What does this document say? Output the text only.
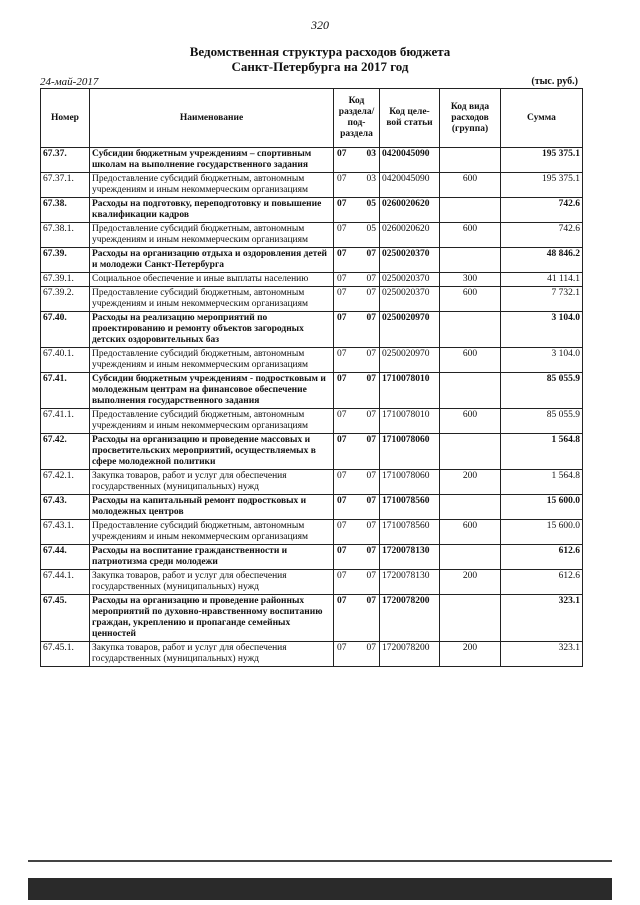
320
Ведомственная структура расходов бюджета
Санкт-Петербурга на 2017 год
24-май-2017	(тыс. руб.)
Номер	Наименование	Код раздела/ под-раздела	Код целе-вой статьи	Код вида расходов (группа)	Сумма
67.37.	Субсидии бюджетным учреждениям – спортивным школам на выполнение государственного задания	07 03	0420045090		195 375.1
67.37.1.	Предоставление субсидий бюджетным, автономным учреждениям и иным некоммерческим организациям	07 03	0420045090	600	195 375.1
67.38.	Расходы на подготовку, переподготовку и повышение квалификации кадров	07 05	0260020620		742.6
67.38.1.	Предоставление субсидий бюджетным, автономным учреждениям и иным некоммерческим организациям	07 05	0260020620	600	742.6
67.39.	Расходы на организацию отдыха и оздоровления детей и молодежи Санкт-Петербурга	07 07	0250020370		48 846.2
67.39.1.	Социальное обеспечение и иные выплаты населению	07 07	0250020370	300	41 114.1
67.39.2.	Предоставление субсидий бюджетным, автономным учреждениям и иным некоммерческим организациям	07 07	0250020370	600	7 732.1
67.40.	Расходы на реализацию мероприятий по проектированию и ремонту объектов загородных детских оздоровительных баз	07 07	0250020970		3 104.0
67.40.1.	Предоставление субсидий бюджетным, автономным учреждениям и иным некоммерческим организациям	07 07	0250020970	600	3 104.0
67.41.	Субсидии бюджетным учреждениям - подростковым и молодежным центрам на финансовое обеспечение выполнения государственного задания	07 07	1710078010		85 055.9
67.41.1.	Предоставление субсидий бюджетным, автономным учреждениям и иным некоммерческим организациям	07 07	1710078010	600	85 055.9
67.42.	Расходы на организацию и проведение массовых и просветительских мероприятий, осуществляемых в сфере молодежной политики	07 07	1710078060		1 564.8
67.42.1.	Закупка товаров, работ и услуг для обеспечения государственных (муниципальных) нужд	07 07	1710078060	200	1 564.8
67.43.	Расходы на капитальный ремонт подростковых и молодежных центров	07 07	1710078560		15 600.0
67.43.1.	Предоставление субсидий бюджетным, автономным учреждениям и иным некоммерческим организациям	07 07	1710078560	600	15 600.0
67.44.	Расходы на воспитание гражданственности и патриотизма среди молодежи	07 07	1720078130		612.6
67.44.1.	Закупка товаров, работ и услуг для обеспечения государственных (муниципальных) нужд	07 07	1720078130	200	612.6
67.45.	Расходы на организацию и проведение районных мероприятий по духовно-нравственному воспитанию граждан, укреплению и пропаганде семейных ценностей	07 07	1720078200		323.1
67.45.1.	Закупка товаров, работ и услуг для обеспечения государственных (муниципальных) нужд	07 07	1720078200	200	323.1
